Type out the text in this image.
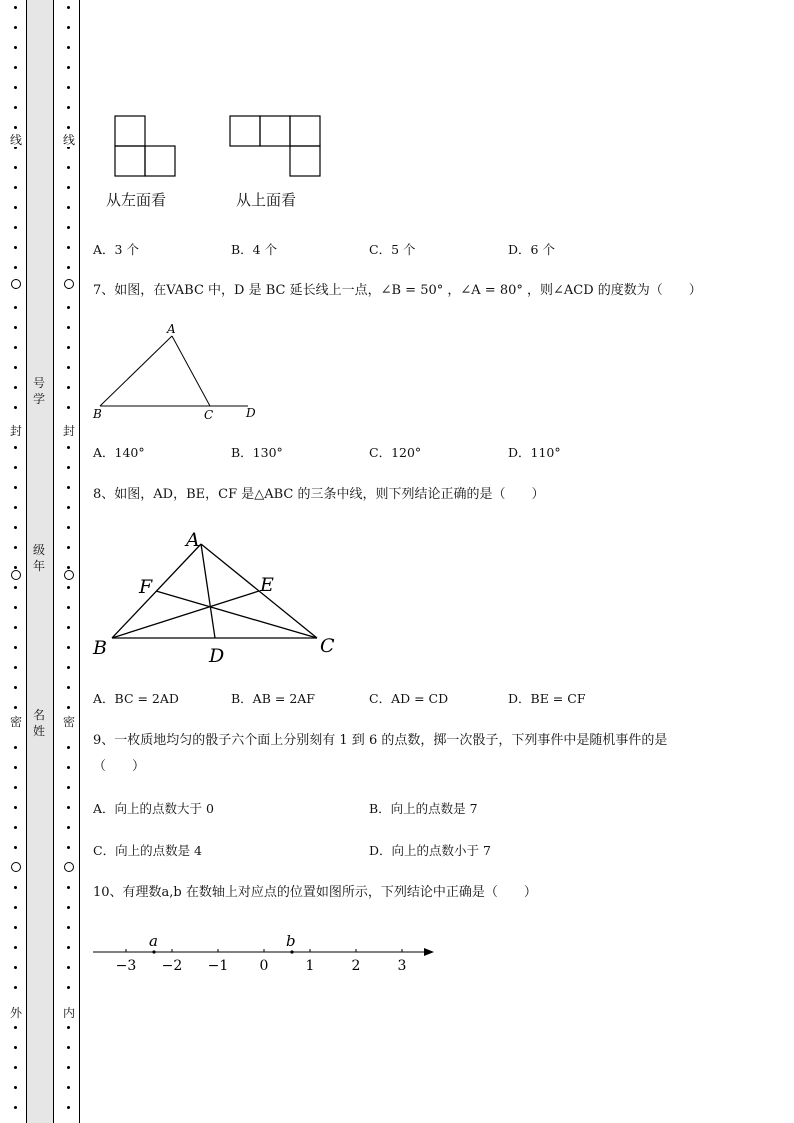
线
封
密
外
线
封
密
内
号
学
级
年
名
姓
从左面看	从上面看
A．3 个	B．4 个	C．5 个	D．6 个
7、如图，在VABC 中，D 是 BC 延长线上一点，∠B = 50° ，∠A = 80° ，则∠ACD 的度数为（　　）
A
B	C	D
A．140°	B．130°	C．120°	D．110°
8、如图，AD，BE，CF 是△ABC 的三条中线，则下列结论正确的是（　　）
A
B	C
D
E
F
A．BC = 2AD	B．AB = 2AF	C．AD = CD	D．BE = CF
9、一枚质地均匀的骰子六个面上分别刻有 1 到 6 的点数，掷一次骰子，下列事件中是随机事件的是
（　　）
A．向上的点数大于 0	B．向上的点数是 7
C．向上的点数是 4	D．向上的点数小于 7
10、有理数a,b 在数轴上对应点的位置如图所示，下列结论中正确是（　　）
−3 −2 −1 0	1	2	3
a	b
